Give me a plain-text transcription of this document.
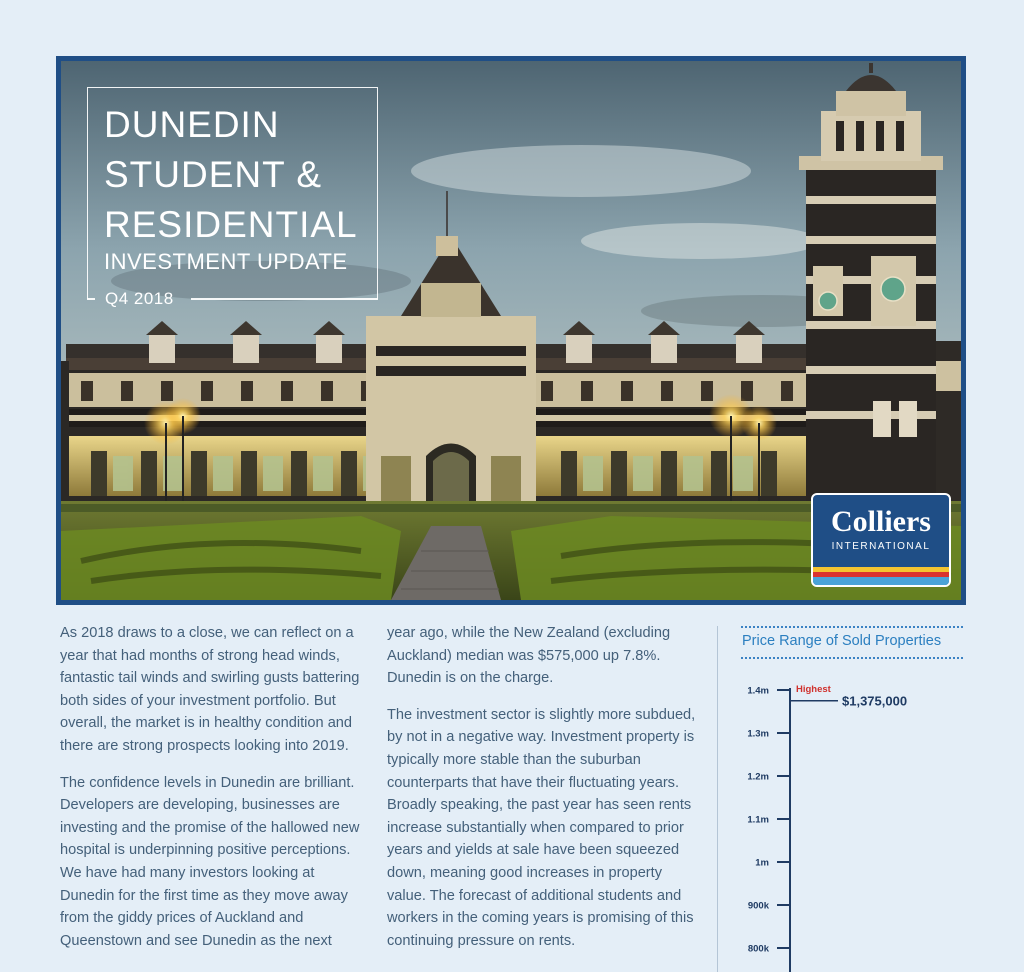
DUNEDIN
STUDENT &
RESIDENTIAL
INVESTMENT UPDATE
Q4 2018
Colliers
INTERNATIONAL

As 2018 draws to a close, we can reflect on a year that had months of strong head winds, fantastic tail winds and swirling gusts battering both sides of your investment portfolio. But overall, the market is in healthy condition and there are strong prospects looking into 2019.

The confidence levels in Dunedin are brilliant. Developers are developing, businesses are investing and the promise of the hallowed new hospital is underpinning positive perceptions. We have had many investors looking at Dunedin for the first time as they move away from the giddy prices of Auckland and Queenstown and see Dunedin as the next

year ago, while the New Zealand (excluding Auckland) median was $575,000 up 7.8%. Dunedin is on the charge.

The investment sector is slightly more subdued, by not in a negative way. Investment property is typically more stable than the suburban counterparts that have their fluctuating years. Broadly speaking, the past year has seen rents increase substantially when compared to prior years and yields at sale have been squeezed down, meaning good increases in property value. The forecast of additional students and workers in the coming years is promising of this continuing pressure on rents.

Price Range of Sold Properties
1.4m
1.3m
1.2m
1.1m
1m
900k
800k
Highest
$1,375,000
